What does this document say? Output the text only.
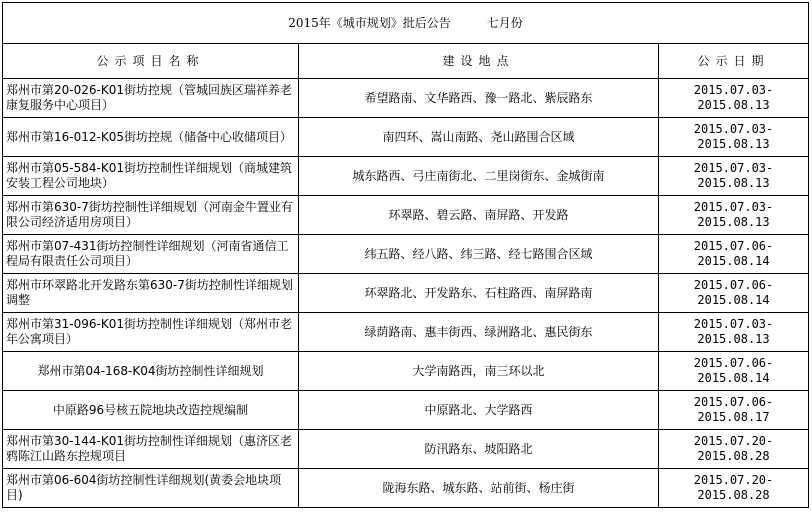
2015年《城市规划》批后公告 七月份		
公示项目名称	建设地点	公示日期
郑州市第20-026-K01街坊控规（管城回族区瑞祥养老康复服务中心项目）	希望路南、文华路西、豫一路北、紫辰路东	2015.07.03-2015.08.13
郑州市第16-012-K05街坊控规（储备中心收储项目）	南四环、嵩山南路、尧山路围合区域	2015.07.03-2015.08.13
郑州市第05-584-K01街坊控制性详细规划（商城建筑安装工程公司地块）	城东路西、弓庄南街北、二里岗街东、金城街南	2015.07.03-2015.08.13
郑州市第630-7街坊控制性详细规划（河南金牛置业有限公司经济适用房项目）	环翠路、碧云路、南屏路、开发路	2015.07.03-2015.08.13
郑州市第07-431街坊控制性详细规划（河南省通信工程局有限责任公司项目）	纬五路、经八路、纬三路、经七路围合区域	2015.07.06-2015.08.14
郑州市环翠路北开发路东第630-7街坊控制性详细规划调整	环翠路北、开发路东、石柱路西、南屏路南	2015.07.06-2015.08.14
郑州市第31-096-K01街坊控制性详细规划（郑州市老年公寓项目）	绿荫路南、惠丰街西、绿洲路北、惠民街东	2015.07.03-2015.08.13
郑州市第04-168-K04街坊控制性详细规划	大学南路西，南三环以北	2015.07.06-2015.08.14
中原路96号核五院地块改造控规编制	中原路北、大学路西	2015.07.06-2015.08.17
郑州市第30-144-K01街坊控制性详细规划（惠济区老鸦陈江山路东控规项目	防汛路东、坡阳路北	2015.07.20-2015.08.28
郑州市第06-604街坊控制性详细规划(黄委会地块项目)	陇海东路、城东路、站前街、杨庄街	2015.07.20-2015.08.28
